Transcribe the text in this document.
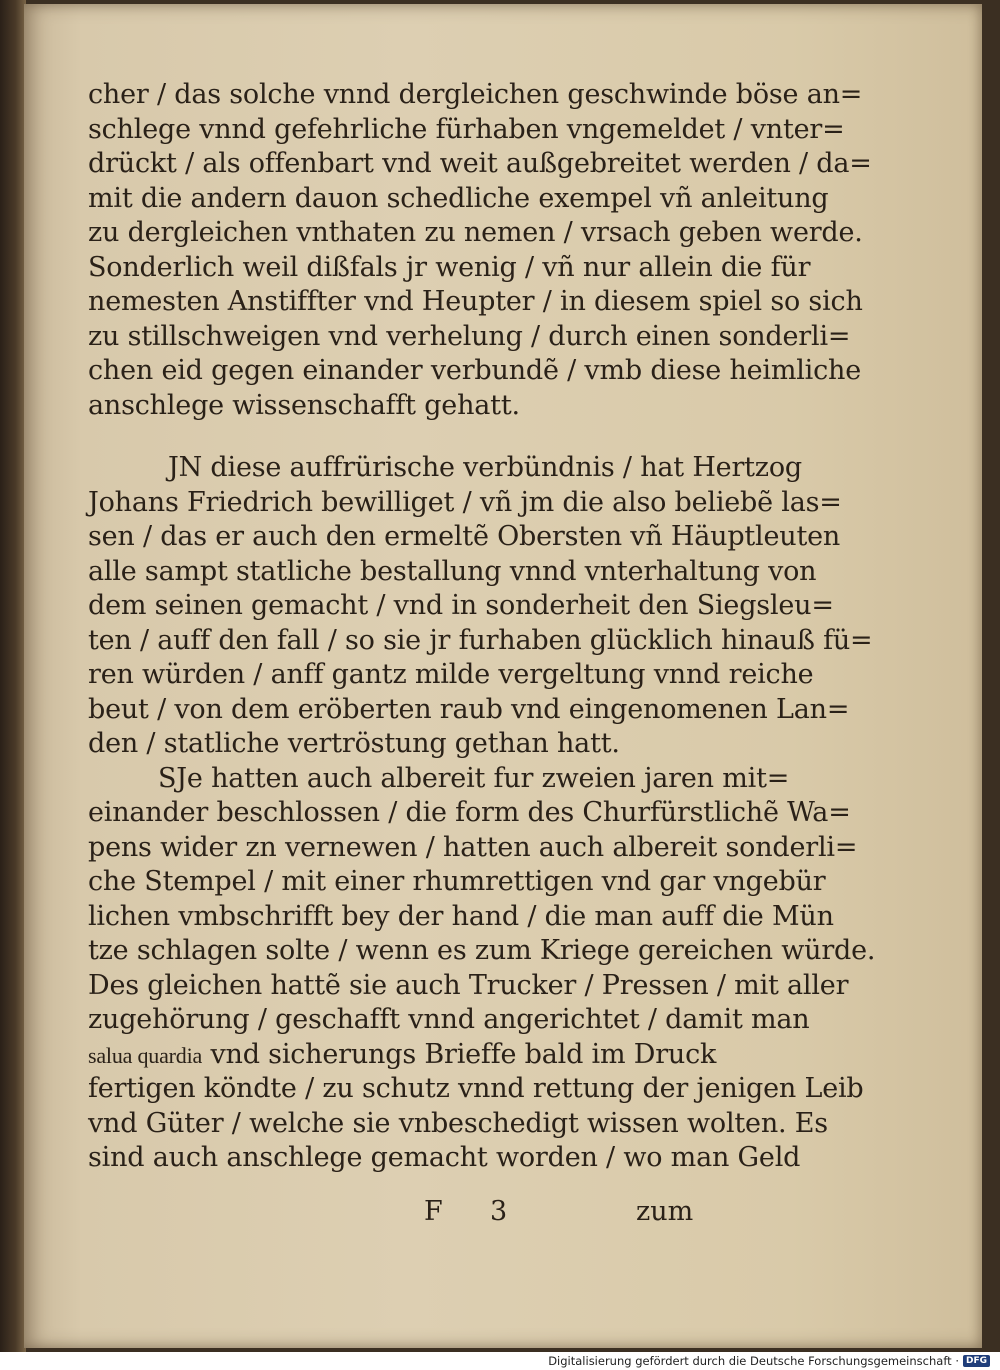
cher / das solche vnnd dergleichen geschwinde böse an=
schlege vnnd gefehrliche fürhaben vngemeldet / vnter=
drückt / als offenbart vnd weit außgebreitet werden / da=
mit die andern dauon schedliche exempel vñ anleitung
zu dergleichen vnthaten zu nemen / vrsach geben werde.
Sonderlich weil dißfals jr wenig / vñ nur allein die für
nemesten Anstiffter vnd Heupter / in diesem spiel so sich
zu stillschweigen vnd verhelung / durch einen sonderli=
chen eid gegen einander verbundẽ / vmb diese heimliche
anschlege wissenschafft gehatt.
JN diese auffrürische verbündnis / hat Hertzog
Johans Friedrich bewilliget / vñ jm die also beliebẽ las=
sen / das er auch den ermeltẽ Obersten vñ Häuptleuten
alle sampt statliche bestallung vnnd vnterhaltung von
dem seinen gemacht / vnd in sonderheit den Siegsleu=
ten / auff den fall / so sie jr furhaben glücklich hinauß fü=
ren würden / anff gantz milde vergeltung vnnd reiche
beut / von dem eröberten raub vnd eingenomenen Lan=
den / statliche vertröstung gethan hatt.
SJe hatten auch albereit fur zweien jaren mit=
einander beschlossen / die form des Churfürstlichẽ Wa=
pens wider zn vernewen / hatten auch albereit sonderli=
che Stempel / mit einer rhumrettigen vnd gar vngebür
lichen vmbschrifft bey der hand / die man auff die Mün
tze schlagen solte / wenn es zum Kriege gereichen würde.
Des gleichen hattẽ sie auch Trucker / Pressen / mit aller
zugehörung / geschafft vnnd angerichtet / damit man
salua quardia vnd sicherungs Brieffe bald im Druck
fertigen köndte / zu schutz vnnd rettung der jenigen Leib
vnd Güter / welche sie vnbeschedigt wissen wolten. Es
sind auch anschlege gemacht worden / wo man Geld
F 3	zum
Digitalisierung gefördert durch die Deutsche Forschungsgemeinschaft · DFG
